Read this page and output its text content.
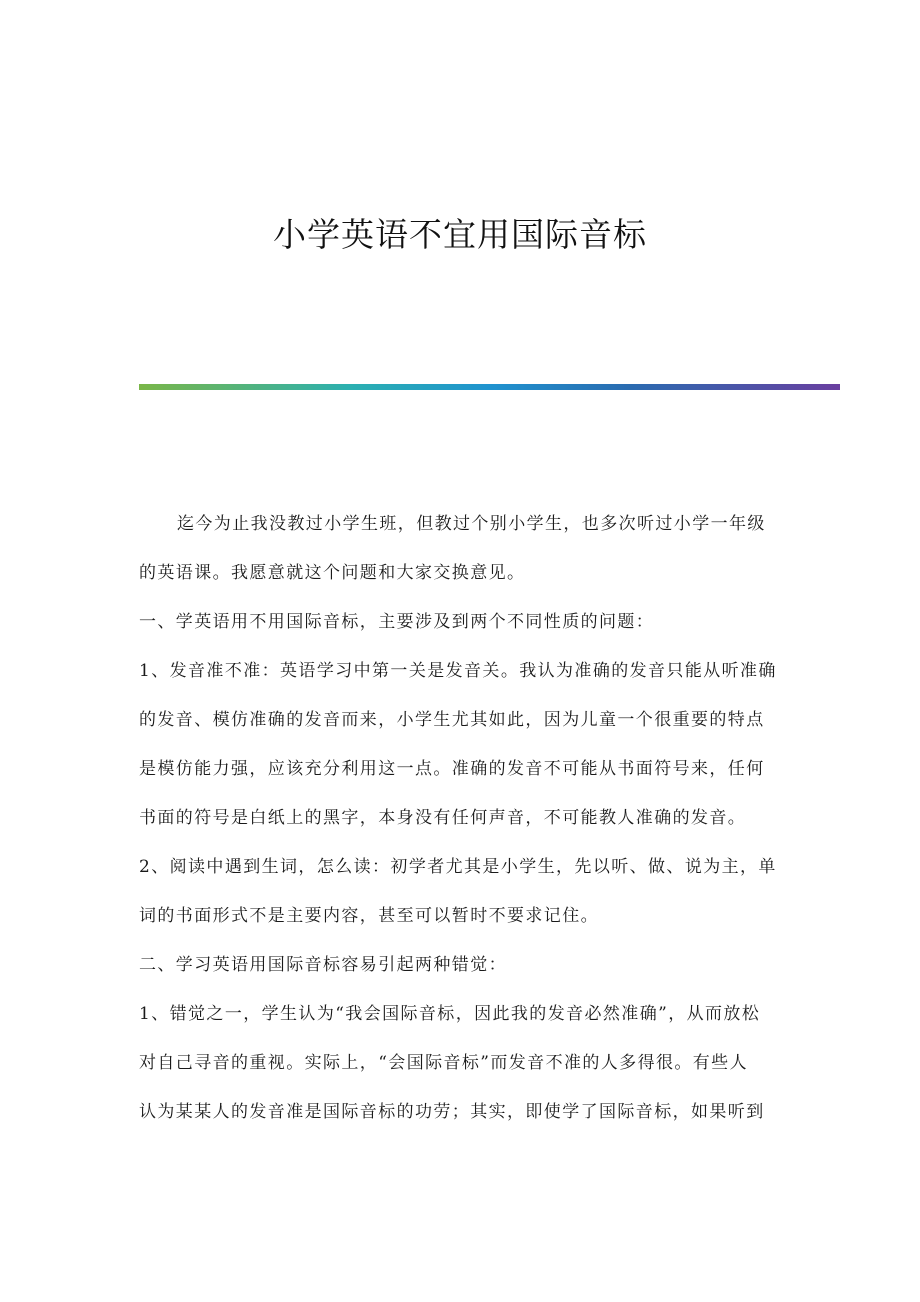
小学英语不宜用国际音标

迄今为止我没教过小学生班，但教过个别小学生，也多次听过小学一年级
的英语课。我愿意就这个问题和大家交换意见。

一、学英语用不用国际音标，主要涉及到两个不同性质的问题：

1、发音准不准：英语学习中第一关是发音关。我认为准确的发音只能从听准确
的发音、模仿准确的发音而来，小学生尤其如此，因为儿童一个很重要的特点
是模仿能力强，应该充分利用这一点。准确的发音不可能从书面符号来，任何
书面的符号是白纸上的黑字，本身没有任何声音，不可能教人准确的发音。

2、阅读中遇到生词，怎么读：初学者尤其是小学生，先以听、做、说为主，单
词的书面形式不是主要内容，甚至可以暂时不要求记住。

二、学习英语用国际音标容易引起两种错觉：

1、错觉之一，学生认为“我会国际音标，因此我的发音必然准确”，从而放松
对自己寻音的重视。实际上，“会国际音标”而发音不准的人多得很。有些人
认为某某人的发音准是国际音标的功劳；其实，即使学了国际音标，如果听到
